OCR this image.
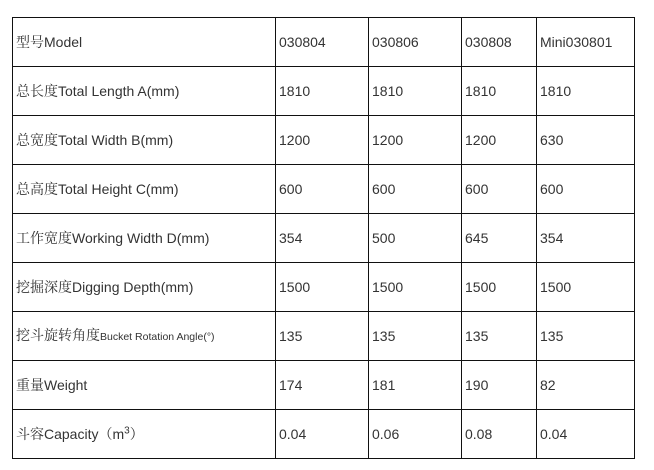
型号Model	030804	030806	030808	Mini030801
总长度Total Length A(mm)	1810	1810	1810	1810
总宽度Total Width B(mm)	1200	1200	1200	630
总高度Total Height C(mm)	600	600	600	600
工作宽度Working Width D(mm)	354	500	645	354
挖掘深度Digging Depth(mm)	1500	1500	1500	1500
挖斗旋转角度Bucket Rotation Angle(°)	135	135	135	135
重量Weight	174	181	190	82
斗容$Capacity(m^3)$	0.04	0.06	0.08	0.04
